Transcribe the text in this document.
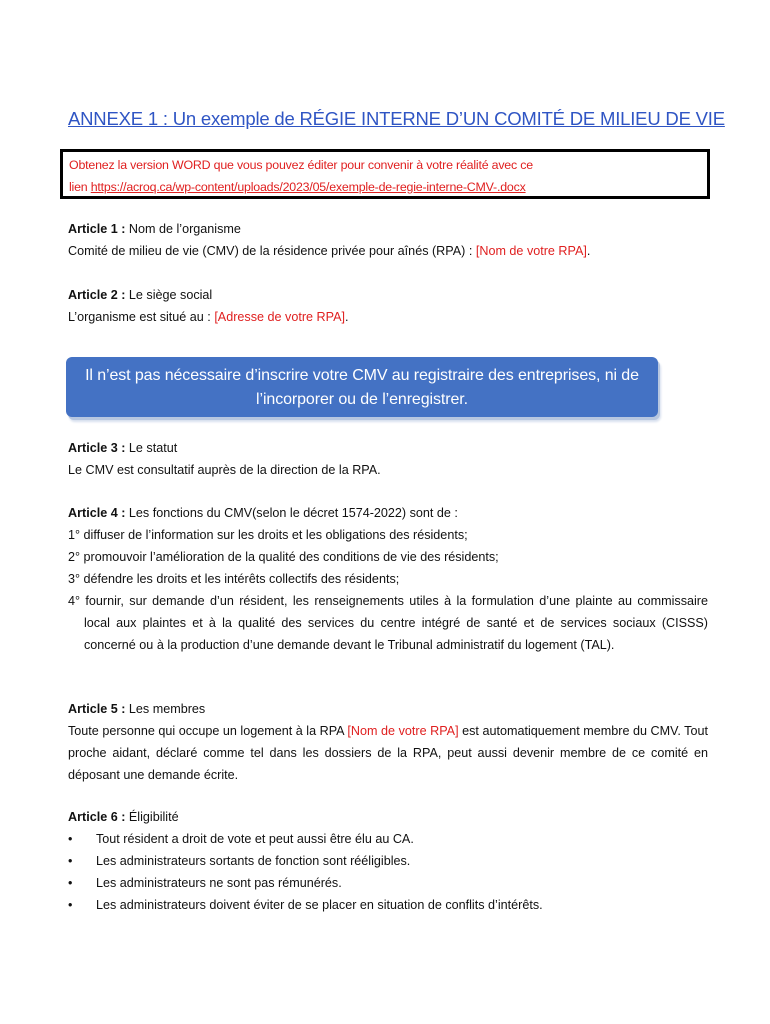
ANNEXE 1 : Un exemple de RÉGIE INTERNE D’UN COMITÉ DE MILIEU DE VIE
Obtenez la version WORD que vous pouvez éditer pour convenir à votre réalité avec ce
lien https://acroq.ca/wp-content/uploads/2023/05/exemple-de-regie-interne-CMV-.docx
Article 1 : Nom de l’organisme
Comité de milieu de vie (CMV) de la résidence privée pour aînés (RPA) : [Nom de votre RPA].
Article 2 : Le siège social
L’organisme est situé au : [Adresse de votre RPA].
Il n’est pas nécessaire d’inscrire votre CMV au registraire des entreprises, ni de l’incorporer ou de l’enregistrer.
Article 3 : Le statut
Le CMV est consultatif auprès de la direction de la RPA.
Article 4 : Les fonctions du CMV(selon le décret 1574-2022) sont de :
1° diffuser de l’information sur les droits et les obligations des résidents;
2° promouvoir l’amélioration de la qualité des conditions de vie des résidents;
3° défendre les droits et les intérêts collectifs des résidents;
4° fournir, sur demande d’un résident, les renseignements utiles à la formulation d’une plainte au commissaire local aux plaintes et à la qualité des services du centre intégré de santé et de services sociaux (CISSS) concerné ou à la production d’une demande devant le Tribunal administratif du logement (TAL).
Article 5 : Les membres
Toute personne qui occupe un logement à la RPA [Nom de votre RPA] est automatiquement membre du CMV. Tout proche aidant, déclaré comme tel dans les dossiers de la RPA, peut aussi devenir membre de ce comité en déposant une demande écrite.
Article 6 : Éligibilité
•	Tout résident a droit de vote et peut aussi être élu au CA.
•	Les administrateurs sortants de fonction sont rééligibles.
•	Les administrateurs ne sont pas rémunérés.
•	Les administrateurs doivent éviter de se placer en situation de conflits d’intérêts.
